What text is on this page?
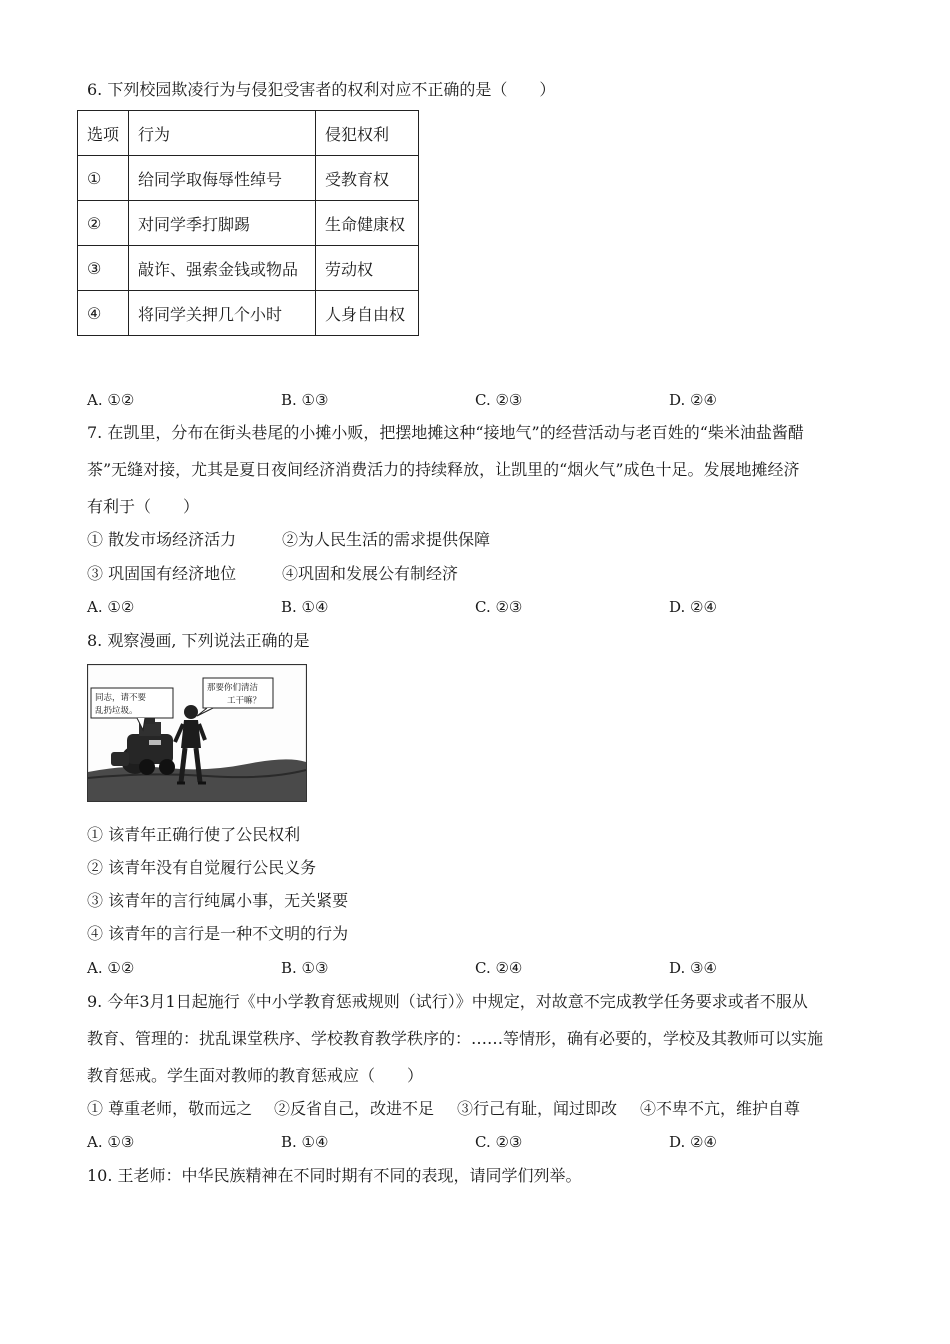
6. 下列校园欺凌行为与侵犯受害者的权利对应不正确的是（　　）
选项	行为	侵犯权利
①	给同学取侮辱性绰号	受教育权
②	对同学季打脚踢	生命健康权
③	敲诈、强索金钱或物品	劳动权
④	将同学关押几个小时	人身自由权
A. ①②	B. ①③	C. ②③	D. ②④
7. 在凯里，分布在街头巷尾的小摊小贩，把摆地摊这种“接地气”的经营活动与老百姓的“柴米油盐酱醋
茶”无缝对接，尤其是夏日夜间经济消费活力的持续释放，让凯里的“烟火气”成色十足。发展地摊经济
有利于（　　）
① 散发市场经济活力	②为人民生活的需求提供保障
③ 巩固国有经济地位	④巩固和发展公有制经济
A. ①②	B. ①④	C. ②③	D. ②④
8. 观察漫画, 下列说法正确的是
同志，请不要
乱扔垃圾。
那要你们清洁
工干嘛？
① 该青年正确行使了公民权利
② 该青年没有自觉履行公民义务
③ 该青年的言行纯属小事，无关紧要
④ 该青年的言行是一种不文明的行为
A. ①②	B. ①③	C. ②④	D. ③④
9. 今年3月1日起施行《中小学教育惩戒规则（试行）》中规定，对故意不完成教学任务要求或者不服从
教育、管理的：扰乱课堂秩序、学校教育教学秩序的：……等情形，确有必要的，学校及其教师可以实施
教育惩戒。学生面对教师的教育惩戒应（　　）
① 尊重老师，敬而远之 ②反省自己，改进不足 ③行己有耻，闻过即改 ④不卑不亢，维护自尊
A. ①③	B. ①④	C. ②③	D. ②④
10. 王老师：中华民族精神在不同时期有不同的表现，请同学们列举。
